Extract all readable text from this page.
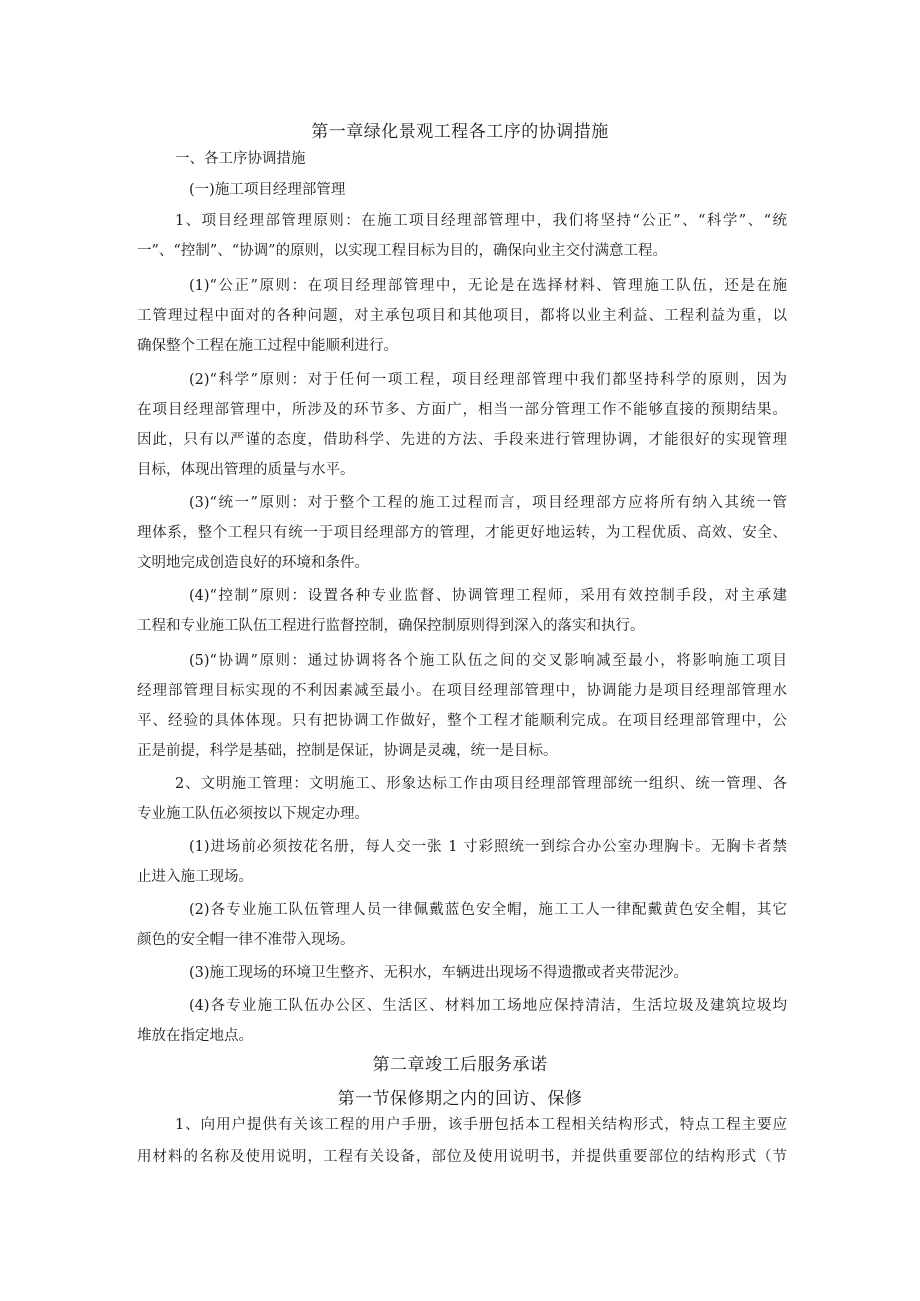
第一章绿化景观工程各工序的协调措施
一、各工序协调措施
(一)施工项目经理部管理
1、项目经理部管理原则：在施工项目经理部管理中，我们将坚持“公正”、“科学”、“统
一”、“控制”、“协调”的原则，以实现工程目标为目的，确保向业主交付满意工程。
(1)“公正”原则：在项目经理部管理中，无论是在选择材料、管理施工队伍，还是在施
工管理过程中面对的各种问题，对主承包项目和其他项目，都将以业主利益、工程利益为重，以
确保整个工程在施工过程中能顺利进行。
(2)“科学”原则：对于任何一项工程，项目经理部管理中我们都坚持科学的原则，因为
在项目经理部管理中，所涉及的环节多、方面广，相当一部分管理工作不能够直接的预期结果。
因此，只有以严谨的态度，借助科学、先进的方法、手段来进行管理协调，才能很好的实现管理
目标，体现出管理的质量与水平。
(3)“统一”原则：对于整个工程的施工过程而言，项目经理部方应将所有纳入其统一管
理体系，整个工程只有统一于项目经理部方的管理，才能更好地运转，为工程优质、高效、安全、
文明地完成创造良好的环境和条件。
(4)“控制”原则：设置各种专业监督、协调管理工程师，采用有效控制手段，对主承建
工程和专业施工队伍工程进行监督控制，确保控制原则得到深入的落实和执行。
(5)“协调”原则：通过协调将各个施工队伍之间的交叉影响减至最小，将影响施工项目
经理部管理目标实现的不利因素减至最小。在项目经理部管理中，协调能力是项目经理部管理水
平、经验的具体体现。只有把协调工作做好，整个工程才能顺利完成。在项目经理部管理中，公
正是前提，科学是基础，控制是保证，协调是灵魂，统一是目标。
2、文明施工管理：文明施工、形象达标工作由项目经理部管理部统一组织、统一管理、各
专业施工队伍必须按以下规定办理。
(1)进场前必须按花名册，每人交一张 1 寸彩照统一到综合办公室办理胸卡。无胸卡者禁
止进入施工现场。
(2)各专业施工队伍管理人员一律佩戴蓝色安全帽，施工工人一律配戴黄色安全帽，其它
颜色的安全帽一律不准带入现场。
(3)施工现场的环境卫生整齐、无积水，车辆进出现场不得遗撒或者夹带泥沙。
(4)各专业施工队伍办公区、生活区、材料加工场地应保持清洁，生活垃圾及建筑垃圾均
堆放在指定地点。
第二章竣工后服务承诺
第一节保修期之内的回访、保修
1、向用户提供有关该工程的用户手册，该手册包括本工程相关结构形式，特点工程主要应
用材料的名称及使用说明，工程有关设备，部位及使用说明书，并提供重要部位的结构形式（节
